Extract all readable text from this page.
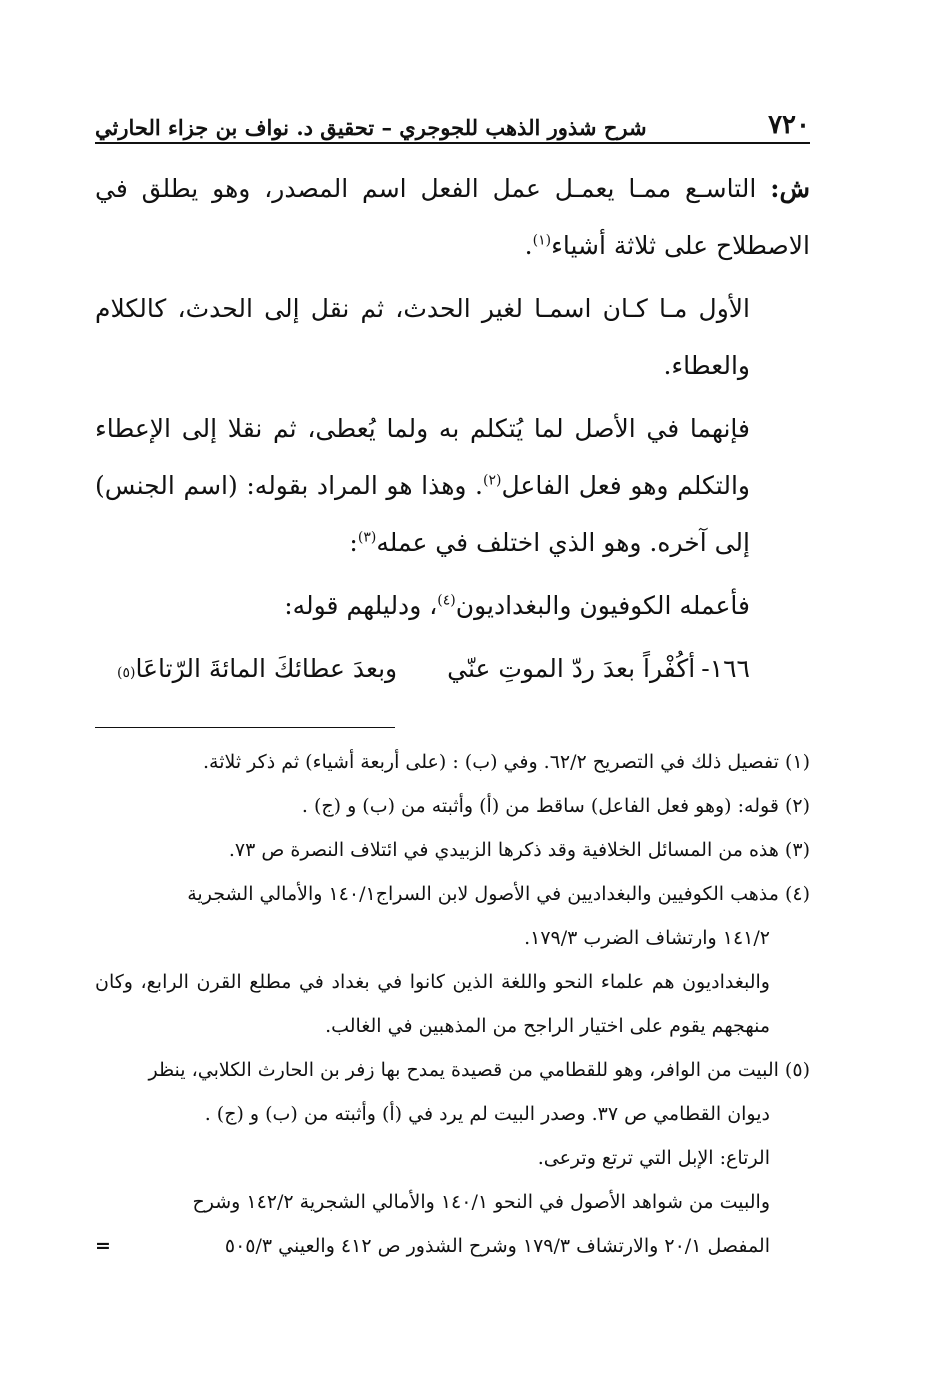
٧٢٠
شرح شذور الذهب للجوجري – تحقيق د. نواف بن جزاء الحارثي

ش: التاسـع ممـا يعمـل عمل الفعل اسم المصدر، وهو يطلق في الاصطلاح على ثلاثة أشياء$^{(١)}$.

الأول مـا كـان اسمـا لغير الحدث، ثم نقل إلى الحدث، كالكلام والعطاء.

فإنهما في الأصل لما يُتكلم به ولما يُعطى، ثم نقلا إلى الإعطاء والتكلم وهو فعل الفاعل$^{(٢)}$. وهذا هو المراد بقوله: (اسم الجنس) إلى آخره. وهو الذي اختلف في عمله$^{(٣)}$:

فأعمله الكوفيون والبغداديون$^{(٤)}$، ودليلهم قوله:

١٦٦-
أكُفْراً بعدَ ردّ الموتِ عنّي
وبعدَ عطائكَ المائةَ الرّتاعَا
(٥)

(١) تفصيل ذلك في التصريح ٦٢/٢. وفي (ب) : (على أربعة أشياء) ثم ذكر ثلاثة.

(٢) قوله: (وهو فعل الفاعل) ساقط من (أ) وأثبته من (ب) و (ج) .

(٣) هذه من المسائل الخلافية وقد ذكرها الزبيدي في ائتلاف النصرة ص ٧٣.

(٤) مذهب الكوفيين والبغداديين في الأصول لابن السراج١٤٠/١ والأمالي الشجرية

١٤١/٢ وارتشاف الضرب ١٧٩/٣.

والبغداديون هم علماء النحو واللغة الذين كانوا في بغداد في مطلع القرن الرابع، وكان منهجهم يقوم على اختيار الراجح من المذهبين في الغالب.

(٥) البيت من الوافر، وهو للقطامي من قصيدة يمدح بها زفر بن الحارث الكلابي، ينظر

ديوان القطامي ص ٣٧. وصدر البيت لم يرد في (أ) وأثبته من (ب) و (ج) .

الرتاع: الإبل التي ترتع وترعى.

والبيت من شواهد الأصول في النحو ١٤٠/١ والأمالي الشجرية ١٤٢/٢ وشرح

المفصل ٢٠/١ والارتشاف ١٧٩/٣ وشرح الشذور ص ٤١٢ والعيني ٥٠٥/٣
=
